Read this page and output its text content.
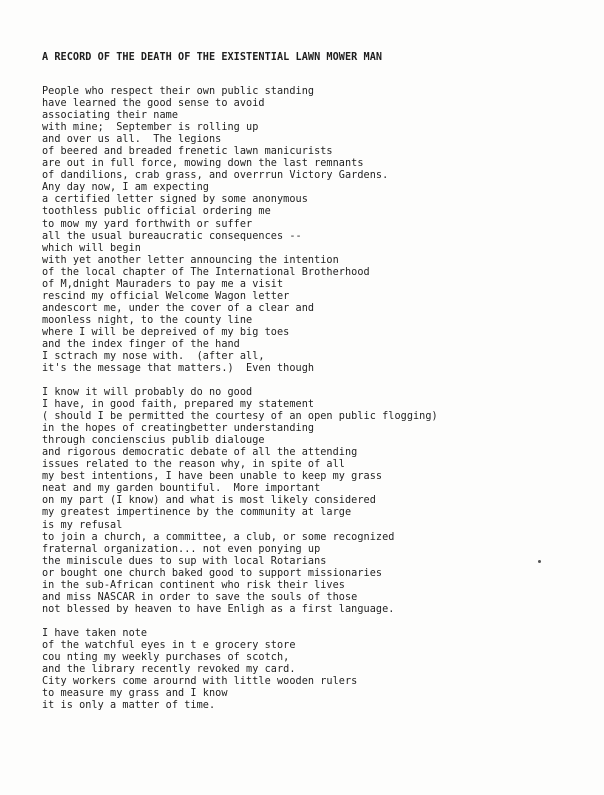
A RECORD OF THE DEATH OF THE EXISTENTIAL LAWN MOWER MAN
People who respect their own public standing
have learned the good sense to avoid
associating their name
with mine;  September is rolling up
and over us all.  The legions
of beered and breaded frenetic lawn manicurists
are out in full force, mowing down the last remnants
of dandilions, crab grass, and overrrun Victory Gardens.
Any day now, I am expecting
a certified letter signed by some anonymous
toothless public official ordering me
to mow my yard forthwith or suffer
all the usual bureaucratic consequences --
which will begin
with yet another letter announcing the intention
of the local chapter of The International Brotherhood
of M,dnight Mauraders to pay me a visit
rescind my official Welcome Wagon letter
andescort me, under the cover of a clear and
moonless night, to the county line
where I will be depreived of my big toes
and the index finger of the hand
I sctrach my nose with.  (after all,
it's the message that matters.)  Even though
I know it will probably do no good
I have, in good faith, prepared my statement
( should I be permitted the courtesy of an open public flogging)
in the hopes of creatingbetter understanding
through concienscius publib dialouge
and rigorous democratic debate of all the attending
issues related to the reason why, in spite of all
my best intentions, I have been unable to keep my grass
neat and my garden bountiful.  More important
on my part (I know) and what is most likely considered
my greatest impertinence by the community at large
is my refusal
to join a church, a committee, a club, or some recognized
fraternal organization... not even ponying up
the miniscule dues to sup with local Rotarians
or bought one church baked good to support missionaries
in the sub-African continent who risk their lives
and miss NASCAR in order to save the souls of those
not blessed by heaven to have Enligh as a first language.
I have taken note
of the watchful eyes in t e grocery store
cou nting my weekly purchases of scotch,
and the library recently revoked my card.
City workers come arournd with little wooden rulers
to measure my grass and I know
it is only a matter of time.
